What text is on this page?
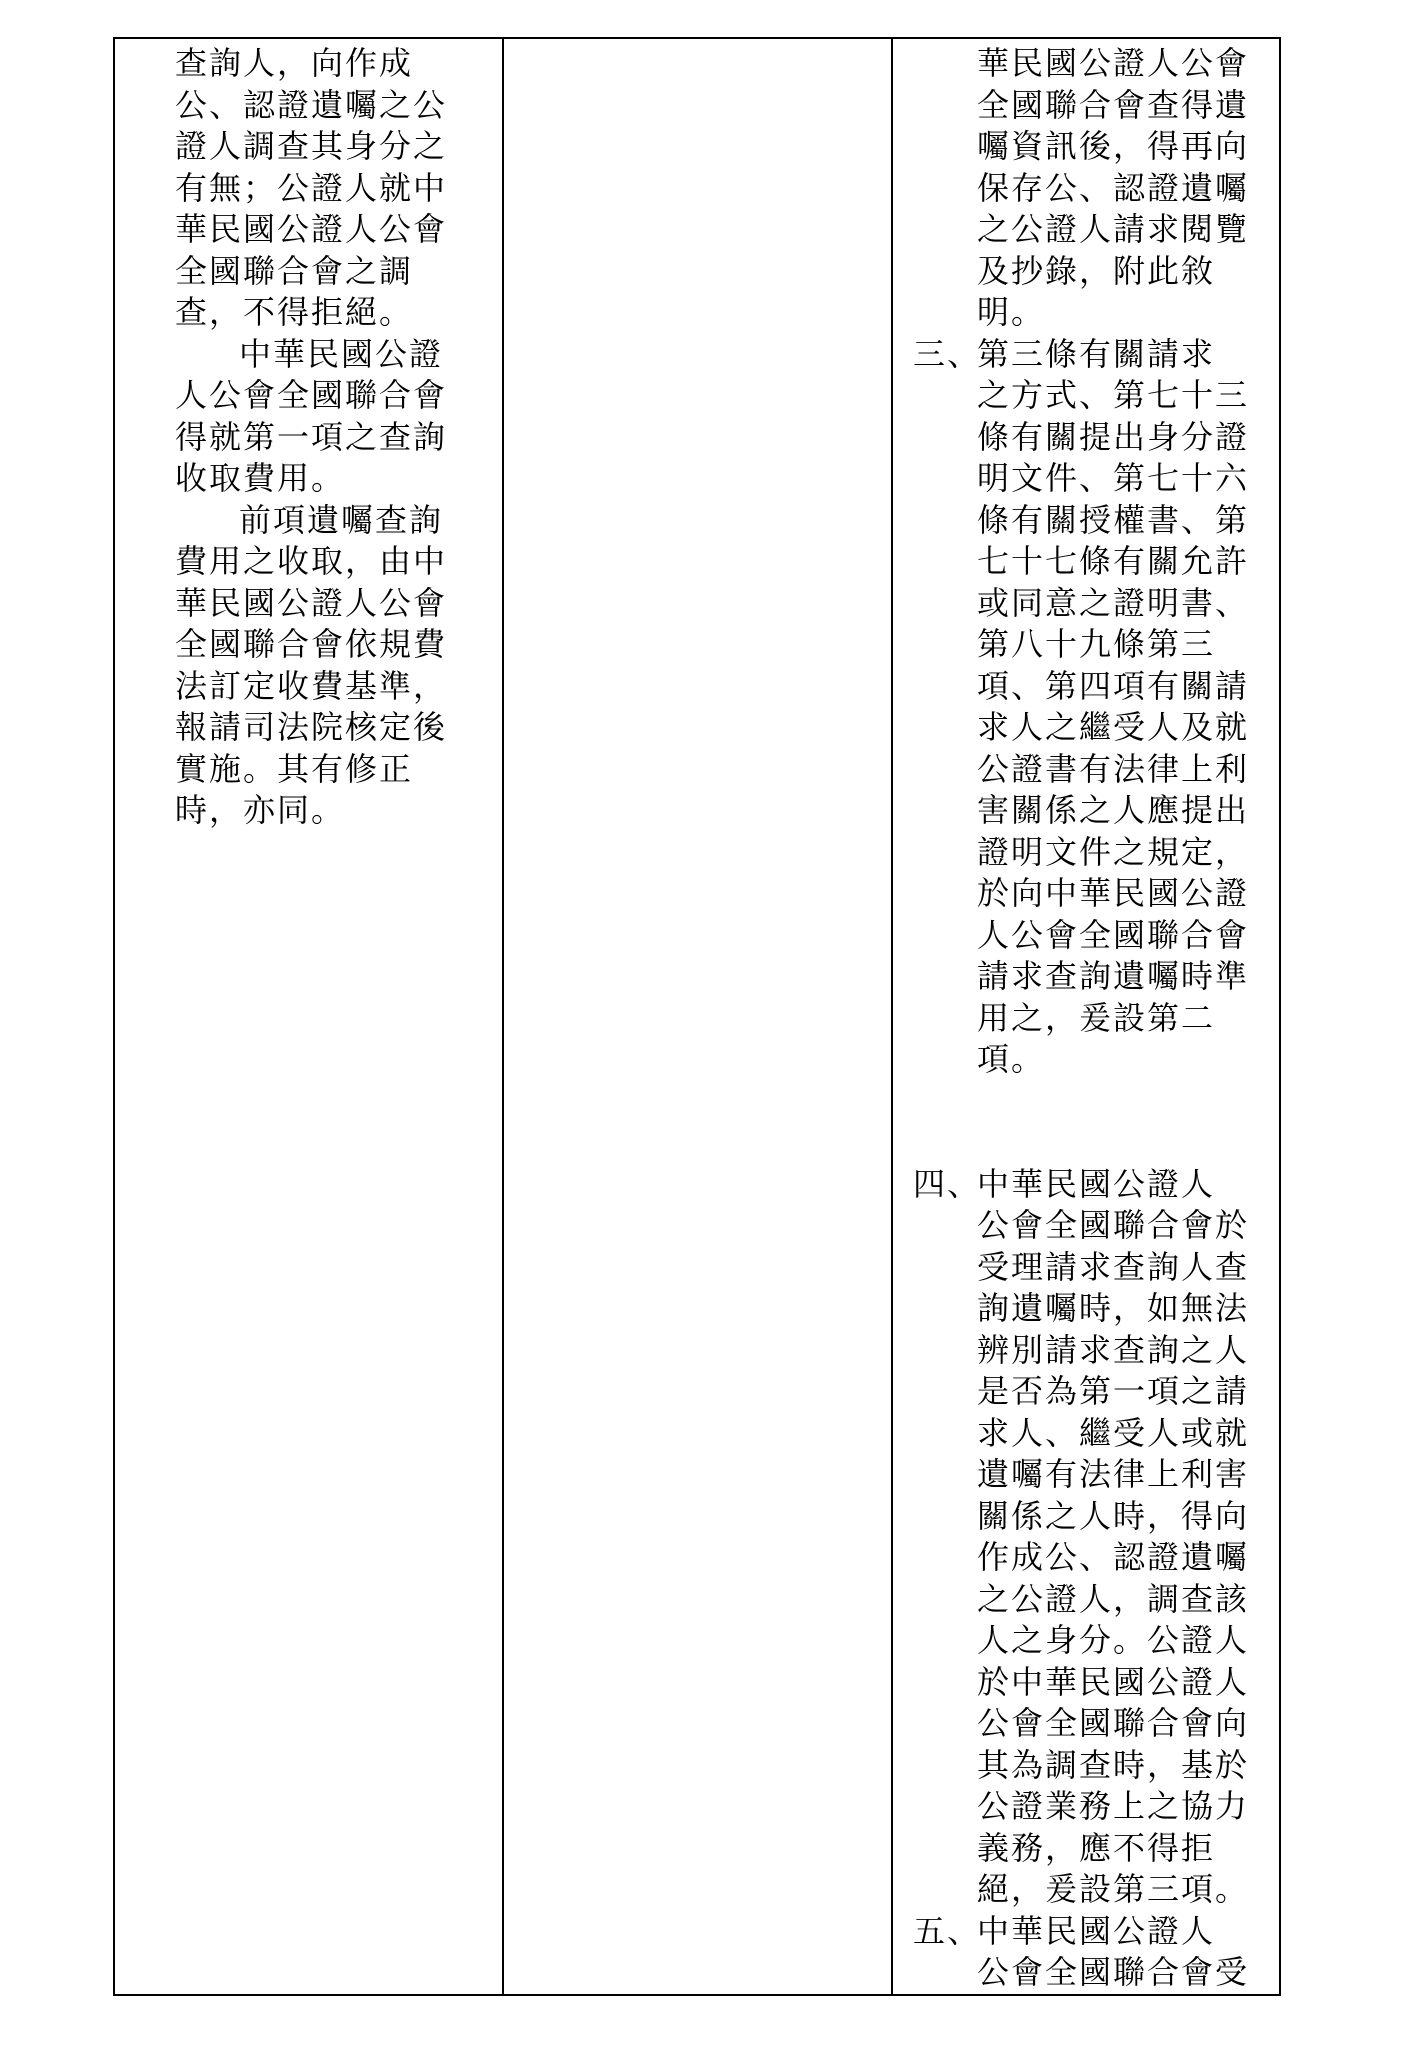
查詢人，向作成
公、認證遺囑之公
證人調查其身分之
有無；公證人就中
華民國公證人公會
全國聯合會之調
查，不得拒絕。
中華民國公證
人公會全國聯合會
得就第一項之查詢
收取費用。
前項遺囑查詢
費用之收取，由中
華民國公證人公會
全國聯合會依規費
法訂定收費基準，
報請司法院核定後
實施。其有修正
時，亦同。

華民國公證人公會
全國聯合會查得遺
囑資訊後，得再向
保存公、認證遺囑
之公證人請求閱覽
及抄錄，附此敘
明。
三、
第三條有關請求
之方式、第七十三
條有關提出身分證
明文件、第七十六
條有關授權書、第
七十七條有關允許
或同意之證明書、
第八十九條第三
項、第四項有關請
求人之繼受人及就
公證書有法律上利
害關係之人應提出
證明文件之規定，
於向中華民國公證
人公會全國聯合會
請求查詢遺囑時準
用之，爰設第二
項。
四、
中華民國公證人
公會全國聯合會於
受理請求查詢人查
詢遺囑時，如無法
辨別請求查詢之人
是否為第一項之請
求人、繼受人或就
遺囑有法律上利害
關係之人時，得向
作成公、認證遺囑
之公證人，調查該
人之身分。公證人
於中華民國公證人
公會全國聯合會向
其為調查時，基於
公證業務上之協力
義務，應不得拒
絕，爰設第三項。
五、
中華民國公證人
公會全國聯合會受
